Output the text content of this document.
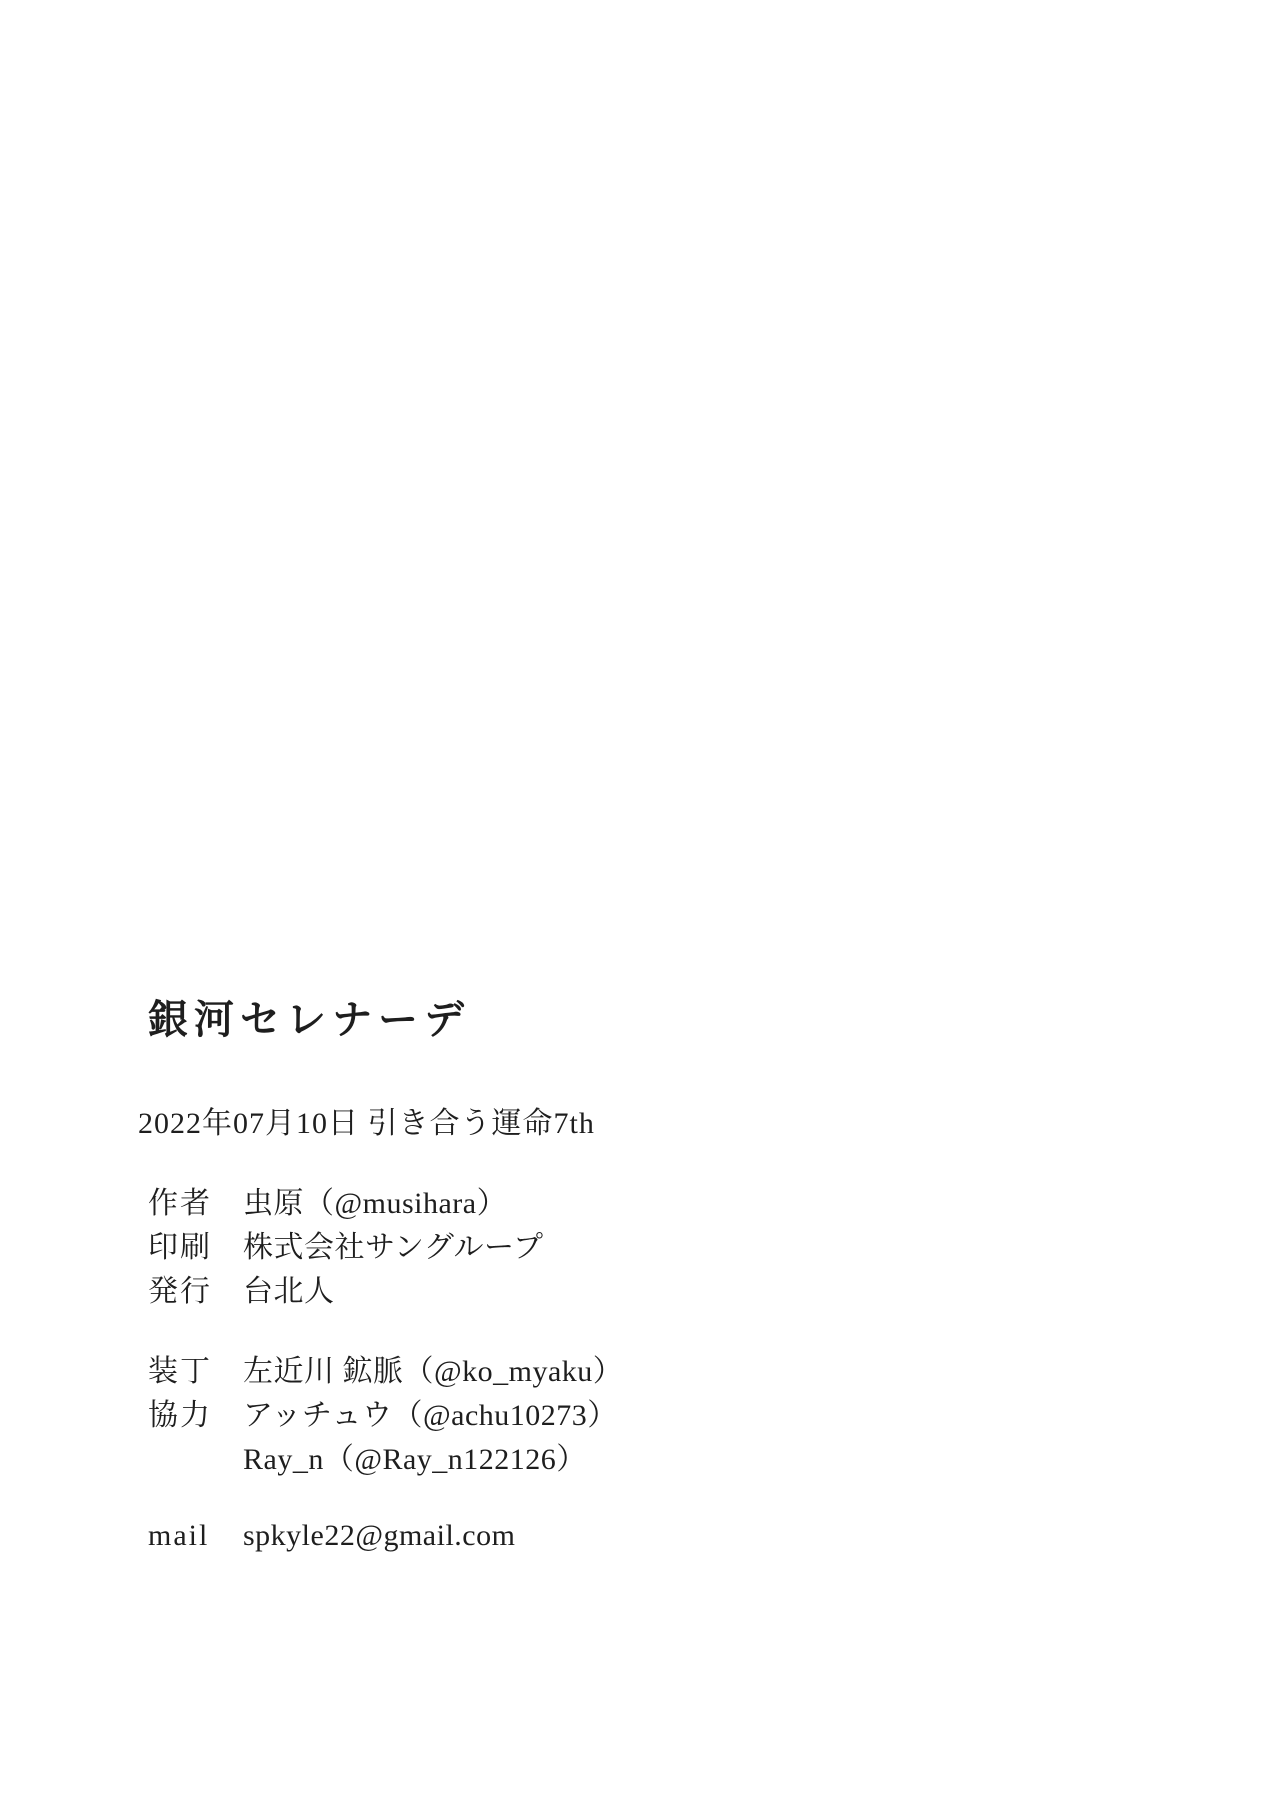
銀河セレナーデ
2022年07月10日 引き合う運命7th
作者	虫原（@musihara）
印刷	株式会社サングループ
発行	台北人
装丁	左近川 鉱脈（@ko_myaku）
協力	アッチュウ（@achu10273）
Ray_n（@Ray_n122126）
mail	spkyle22@gmail.com
